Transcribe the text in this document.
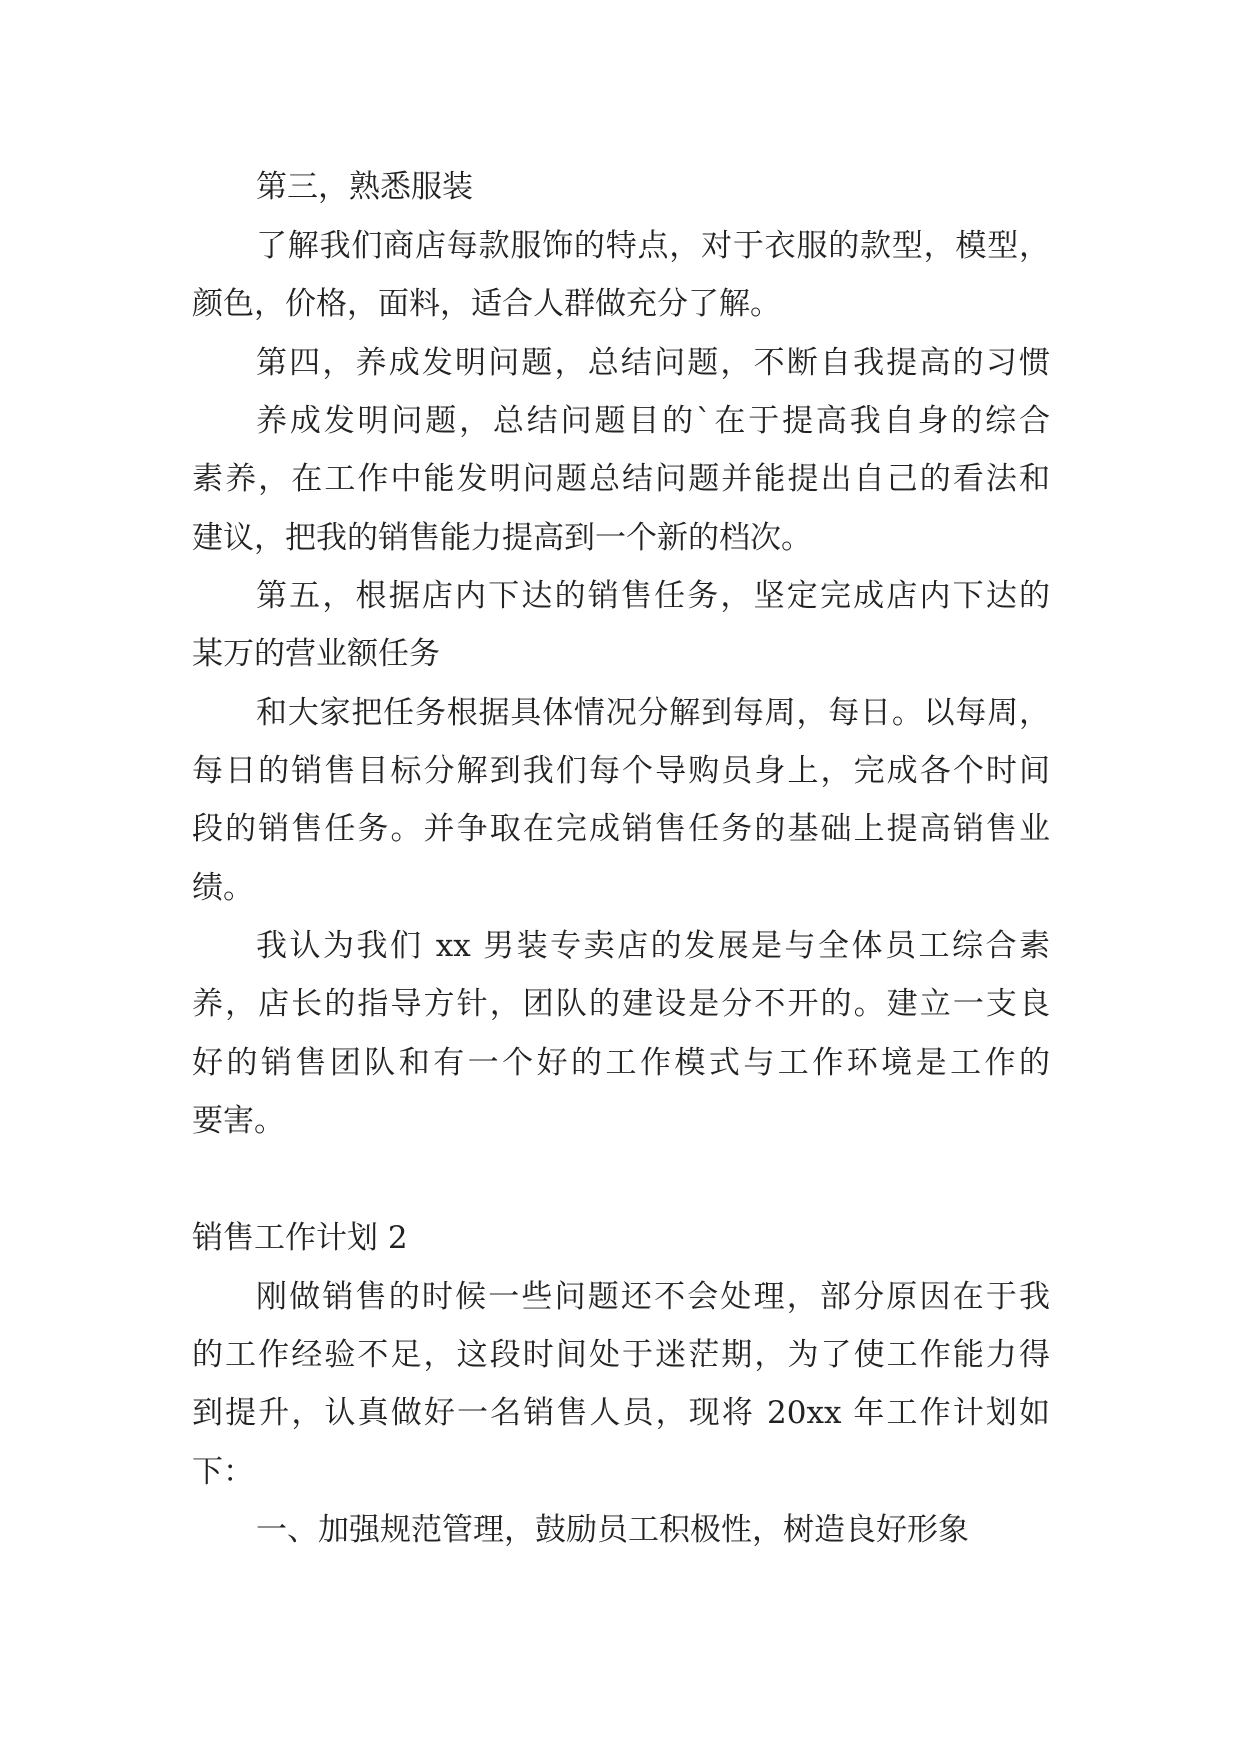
第三，熟悉服装

了解我们商店每款服饰的特点，对于衣服的款型，模型，

颜色，价格，面料，适合人群做充分了解。

第四，养成发明问题，总结问题，不断自我提高的习惯

养成发明问题，总结问题目的`在于提高我自身的综合

素养，在工作中能发明问题总结问题并能提出自己的看法和

建议，把我的销售能力提高到一个新的档次。

第五，根据店内下达的销售任务，坚定完成店内下达的

某万的营业额任务

和大家把任务根据具体情况分解到每周，每日。以每周，

每日的销售目标分解到我们每个导购员身上，完成各个时间

段的销售任务。并争取在完成销售任务的基础上提高销售业

绩。

我认为我们 xx 男装专卖店的发展是与全体员工综合素

养，店长的指导方针，团队的建设是分不开的。建立一支良

好的销售团队和有一个好的工作模式与工作环境是工作的

要害。

销售工作计划 2

刚做销售的时候一些问题还不会处理，部分原因在于我

的工作经验不足，这段时间处于迷茫期，为了使工作能力得

到提升，认真做好一名销售人员，现将 20xx 年工作计划如

下：

一、加强规范管理，鼓励员工积极性，树造良好形象
